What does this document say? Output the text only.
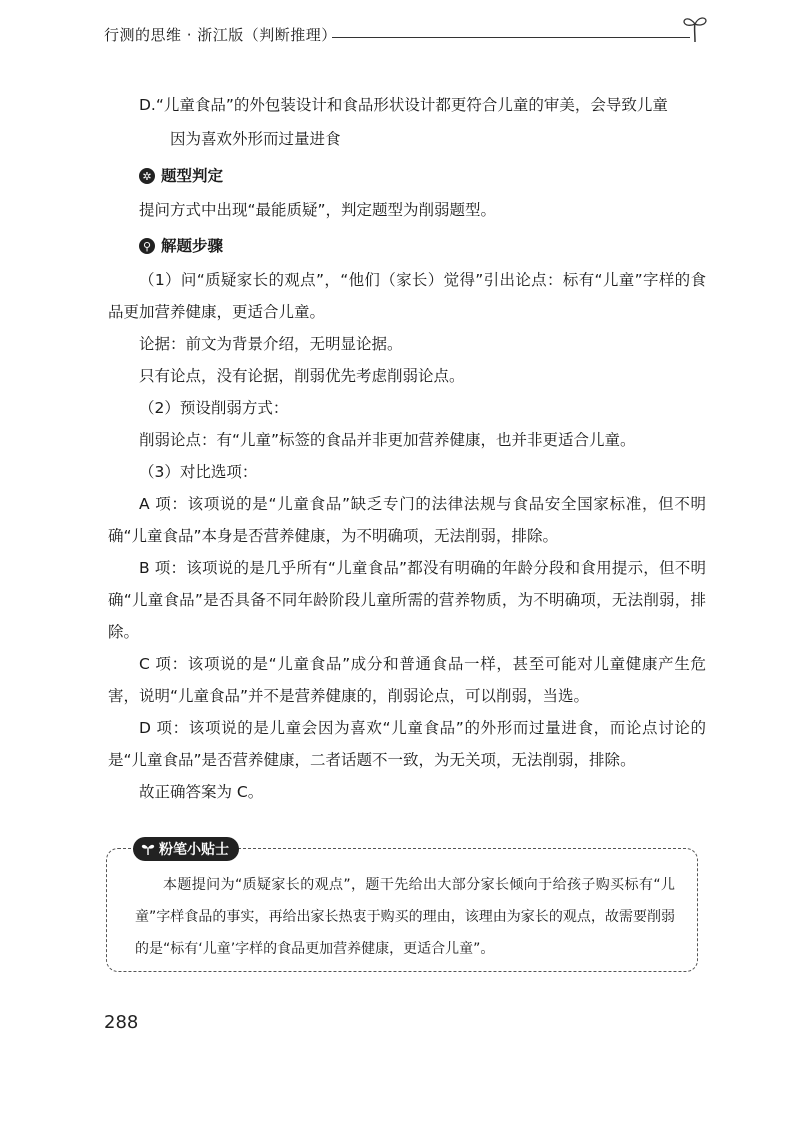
行测的思维 · 浙江版（判断推理）

D.“儿童食品”的外包装设计和食品形状设计都更符合儿童的审美，会导致儿童

因为喜欢外形而过量进食

✲ 题型判定

提问方式中出现“最能质疑”，判定题型为削弱题型。

⚲ 解题步骤

（1）问“质疑家长的观点”，“他们（家长）觉得”引出论点：标有“儿童”字样的食品更加营养健康，更适合儿童。

论据：前文为背景介绍，无明显论据。

只有论点，没有论据，削弱优先考虑削弱论点。

（2）预设削弱方式：

削弱论点：有“儿童”标签的食品并非更加营养健康，也并非更适合儿童。

（3）对比选项：

A 项：该项说的是“儿童食品”缺乏专门的法律法规与食品安全国家标准，但不明确“儿童食品”本身是否营养健康，为不明确项，无法削弱，排除。

B 项：该项说的是几乎所有“儿童食品”都没有明确的年龄分段和食用提示，但不明确“儿童食品”是否具备不同年龄阶段儿童所需的营养物质，为不明确项，无法削弱，排除。

C 项：该项说的是“儿童食品”成分和普通食品一样，甚至可能对儿童健康产生危害，说明“儿童食品”并不是营养健康的，削弱论点，可以削弱，当选。

D 项：该项说的是儿童会因为喜欢“儿童食品”的外形而过量进食，而论点讨论的是“儿童食品”是否营养健康，二者话题不一致，为无关项，无法削弱，排除。

故正确答案为 C。

粉笔小贴士

本题提问为“质疑家长的观点”，题干先给出大部分家长倾向于给孩子购买标有“儿童”字样食品的事实，再给出家长热衷于购买的理由，该理由为家长的观点，故需要削弱的是“标有‘儿童’字样的食品更加营养健康，更适合儿童”。

288
